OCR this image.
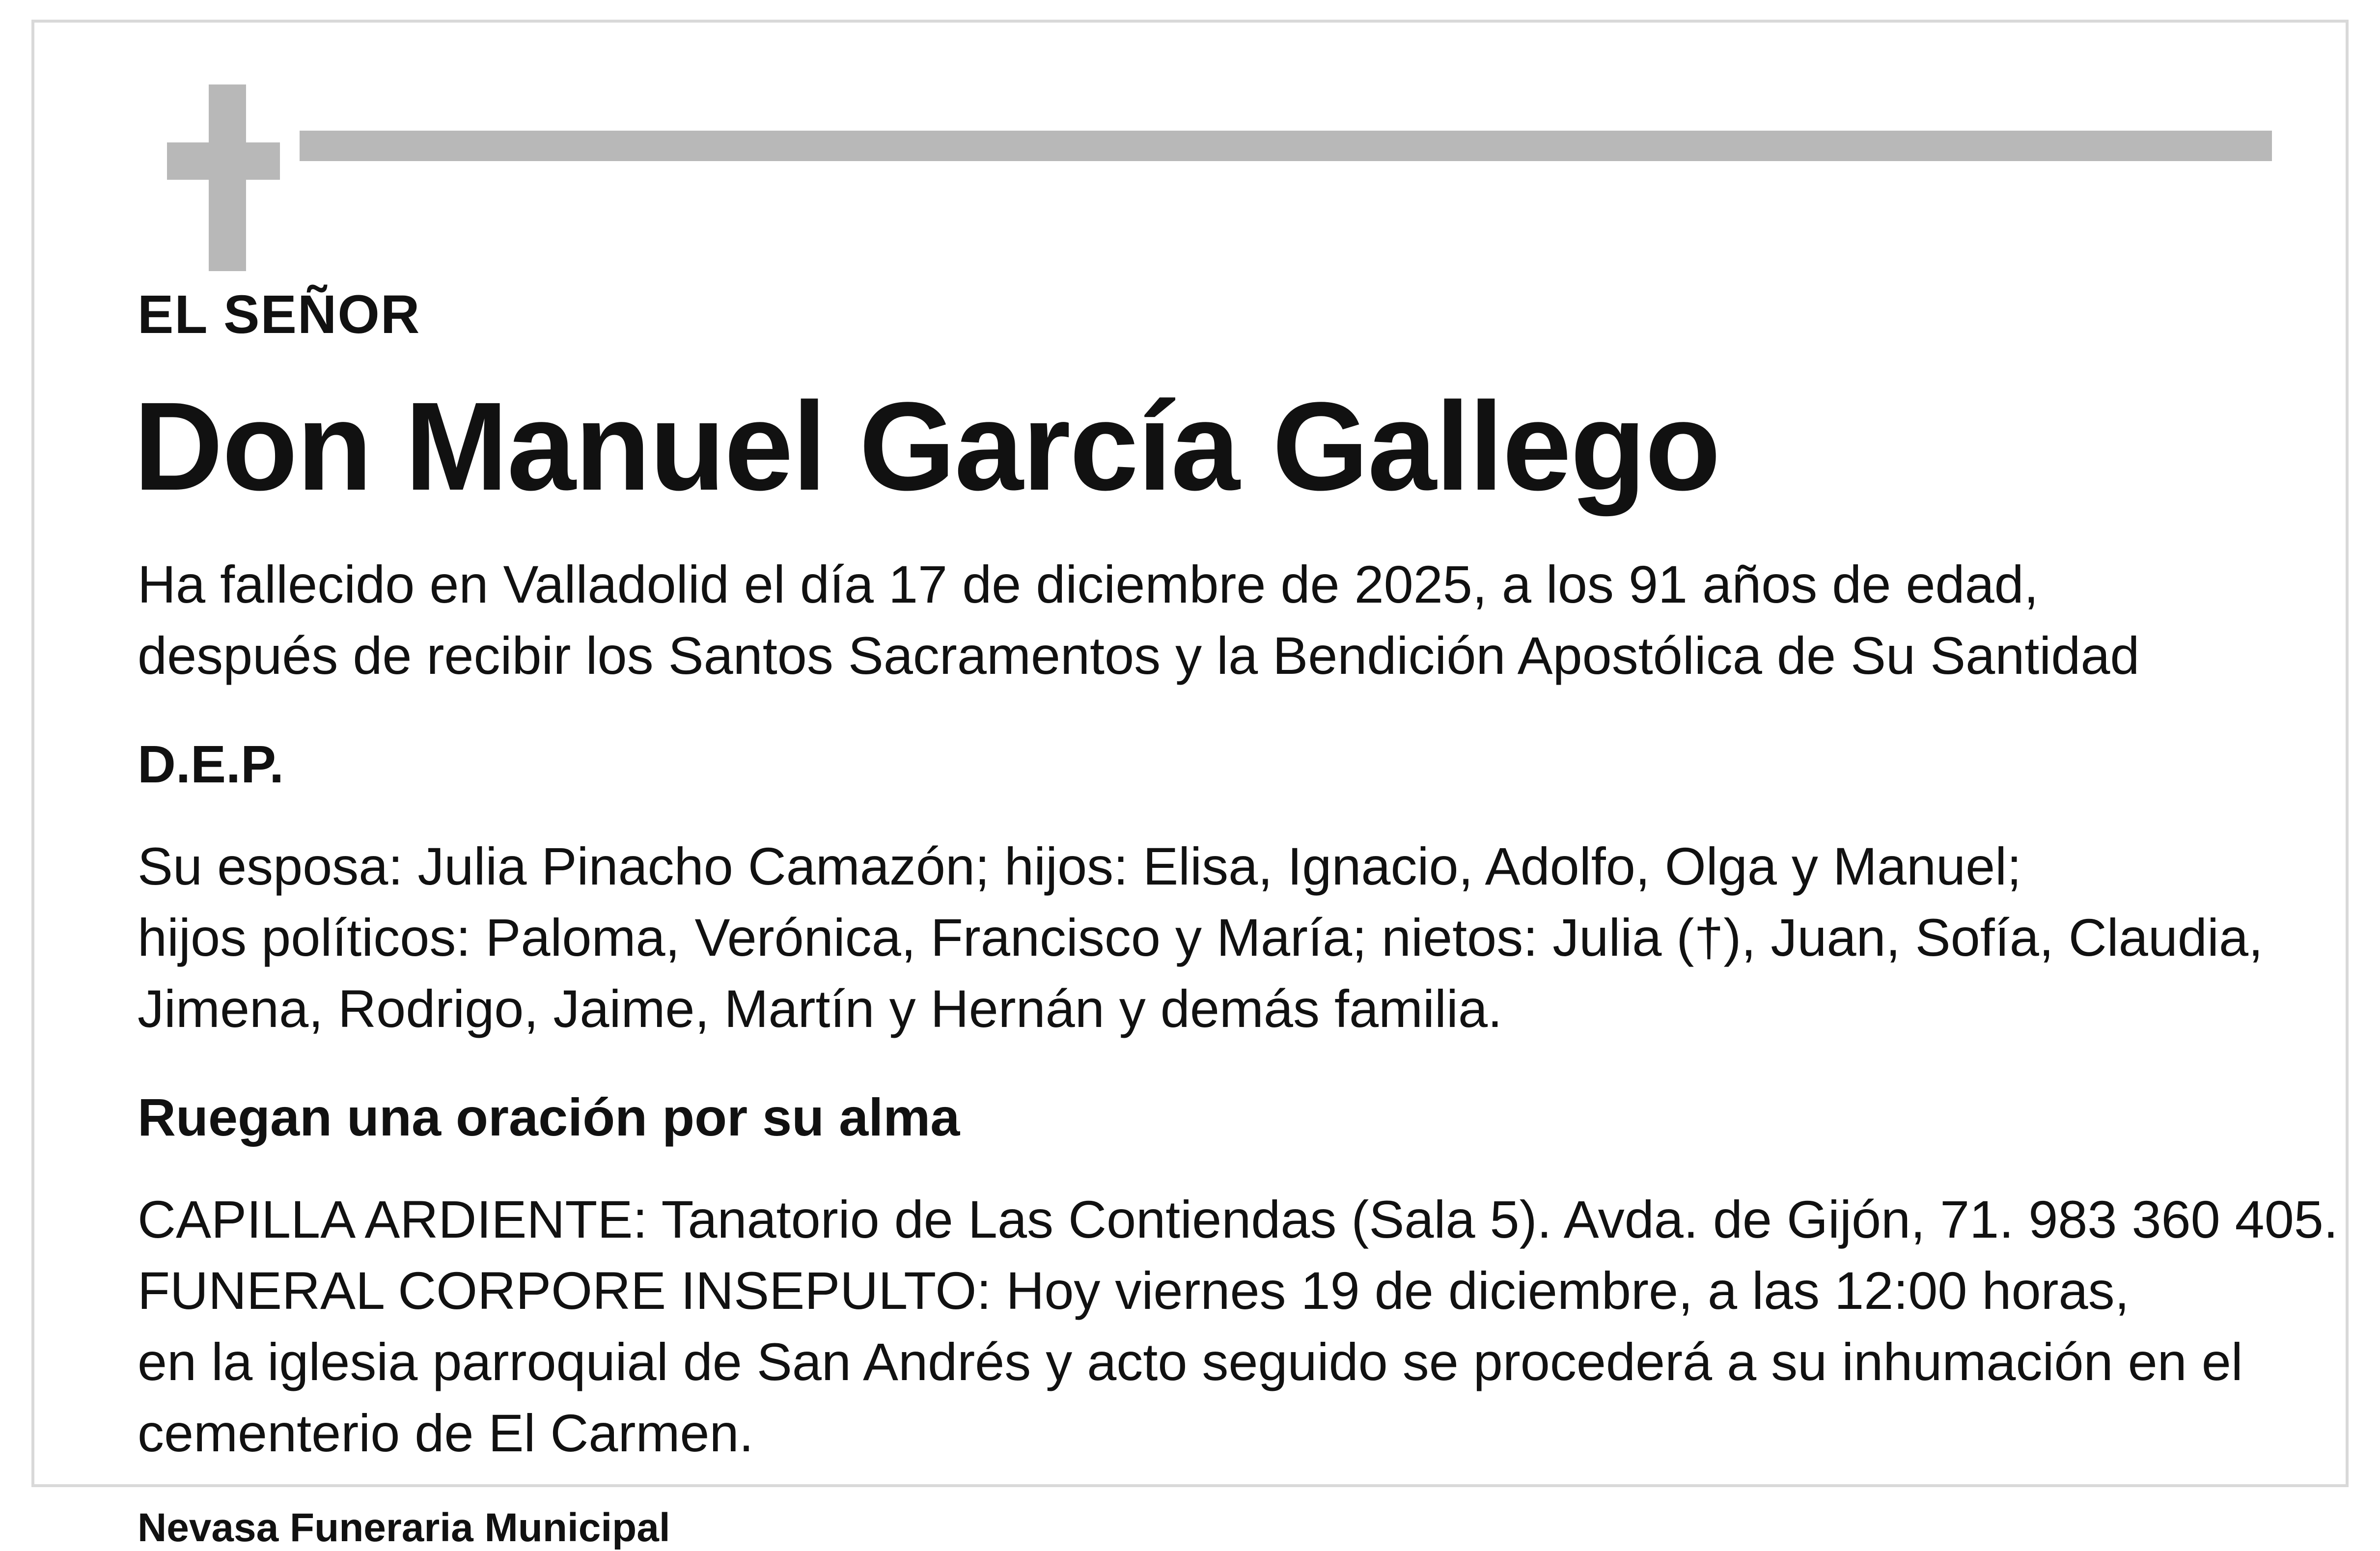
EL SEÑOR
Don Manuel García Gallego
Ha fallecido en Valladolid el día 17 de diciembre de 2025, a los 91 años de edad,
después de recibir los Santos Sacramentos y la Bendición Apostólica de Su Santidad
D.E.P.
Su esposa: Julia Pinacho Camazón; hijos: Elisa, Ignacio, Adolfo, Olga y Manuel;
hijos políticos: Paloma, Verónica, Francisco y María; nietos: Julia (†), Juan, Sofía, Claudia,
Jimena, Rodrigo, Jaime, Martín y Hernán y demás familia.
Ruegan una oración por su alma
CAPILLA ARDIENTE: Tanatorio de Las Contiendas (Sala 5). Avda. de Gijón, 71. 983 360 405.
FUNERAL CORPORE INSEPULTO: Hoy viernes 19 de diciembre, a las 12:00 horas,
en la iglesia parroquial de San Andrés y acto seguido se procederá a su inhumación en el
cementerio de El Carmen.
Nevasa Funeraria Municipal
